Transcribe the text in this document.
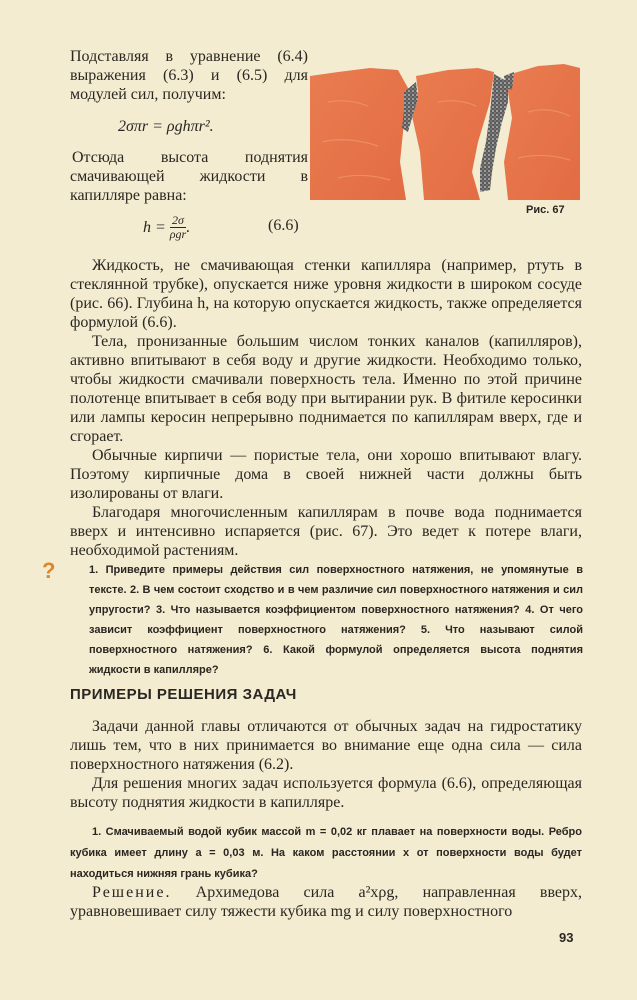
Подставляя в уравнение (6.4) выражения (6.3) и (6.5) для модулей сил, получим:

2σπr = ρghπr².

Отсюда высота поднятия смачивающей жидкости в капилляре равна:

$h = \frac{2\sigma}{\text{ρgr}}$ .	(6.6)
Рис. 67

Жидкость, не смачивающая стенки капилляра (например, ртуть в стеклянной трубке), опускается ниже уровня жидкости в широком сосуде (рис. 66). Глубина h, на которую опускается жидкость, также определяется формулой (6.6).

Тела, пронизанные большим числом тонких каналов (капилляров), активно впитывают в себя воду и другие жидкости. Необходимо только, чтобы жидкости смачивали поверхность тела. Именно по этой причине полотенце впитывает в себя воду при вытирании рук. В фитиле керосинки или лампы керосин непрерывно поднимается по капиллярам вверх, где и сгорает.

Обычные кирпичи — пористые тела, они хорошо впитывают влагу. Поэтому кирпичные дома в своей нижней части должны быть изолированы от влаги.

Благодаря многочисленным капиллярам в почве вода поднимается вверх и интенсивно испаряется (рис. 67). Это ведет к потере влаги, необходимой растениям.

?	1. Приведите примеры действия сил поверхностного натяжения, не упомянутые в тексте. 2. В чем состоит сходство и в чем различие сил поверхностного натяжения и сил упругости? 3. Что называется коэффициентом поверхностного натяжения? 4. От чего зависит коэффициент поверхностного натяжения? 5. Что называют силой поверхностного натяжения? 6. Какой формулой определяется высота поднятия жидкости в капилляре?

ПРИМЕРЫ РЕШЕНИЯ ЗАДАЧ

Задачи данной главы отличаются от обычных задач на гидростатику лишь тем, что в них принимается во внимание еще одна сила — сила поверхностного натяжения (6.2).

Для решения многих задач используется формула (6.6), определяющая высоту поднятия жидкости в капилляре.

1. Смачиваемый водой кубик массой m = 0,02 кг плавает на поверхности воды. Ребро кубика имеет длину a = 0,03 м. На каком расстоянии x от поверхности воды будет находиться нижняя грань кубика?

Решение. Архимедова сила a²xρg, направленная вверх, уравновешивает силу тяжести кубика mg и силу поверхностного

93
